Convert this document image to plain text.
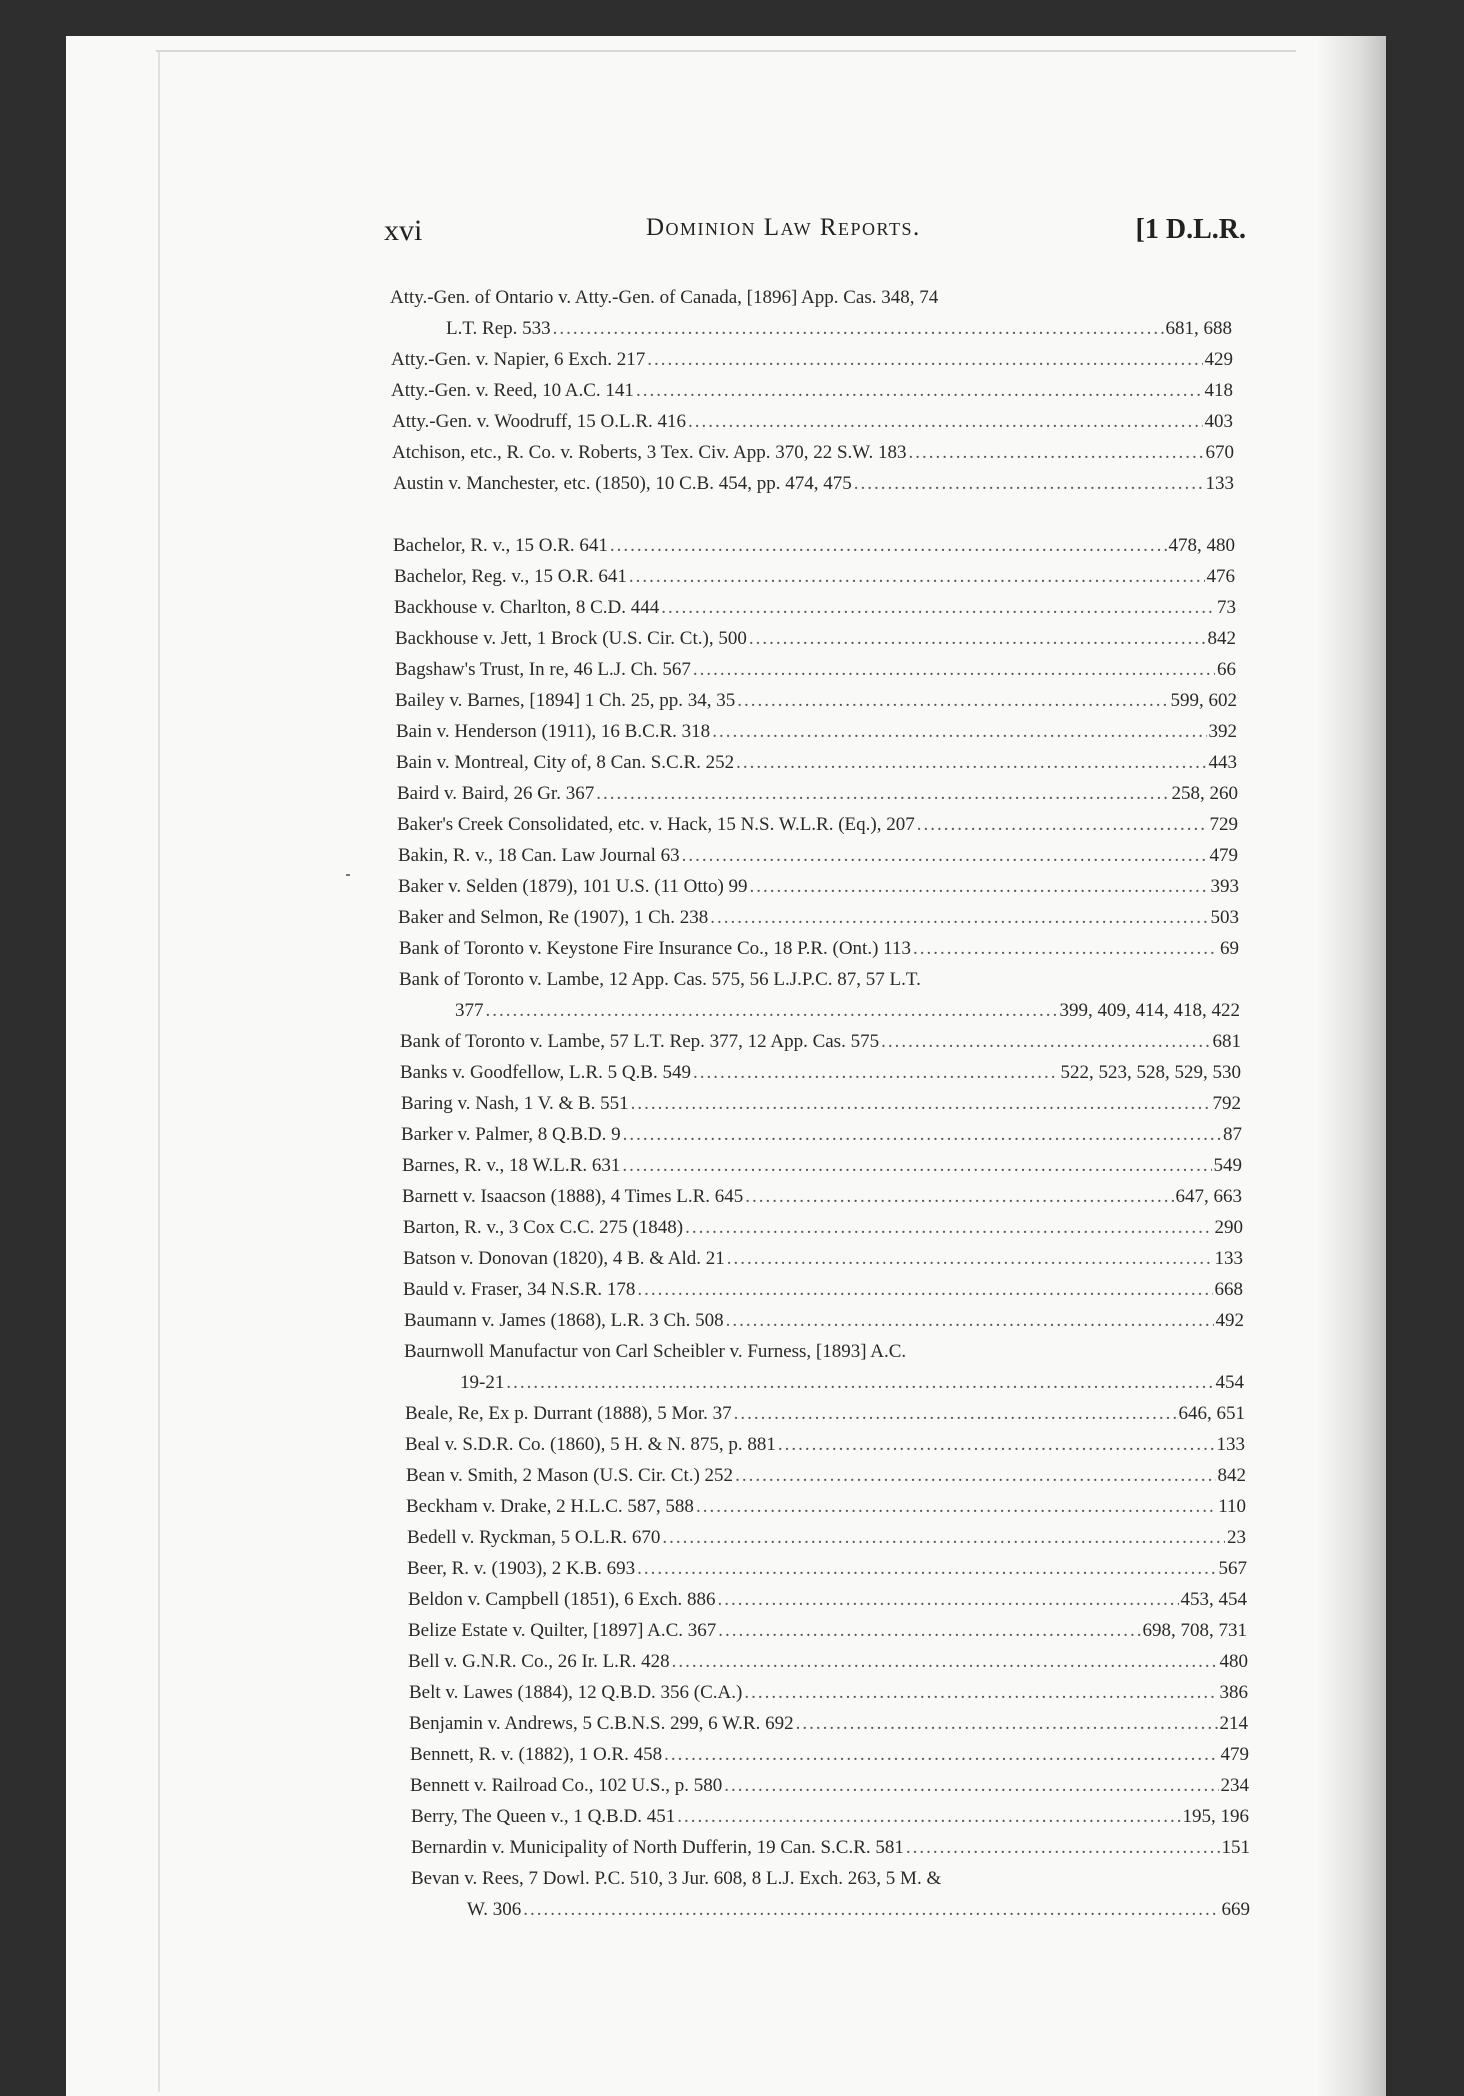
xvi	Dominion Law Reports.	[1 D.L.R.
Atty.-Gen. of Ontario v. Atty.-Gen. of Canada, [1896] App. Cas. 348, 74
L.T. Rep. 533 .....	681, 688
Atty.-Gen. v. Napier, 6 Exch. 217 .....	429
Atty.-Gen. v. Reed, 10 A.C. 141 .....	418
Atty.-Gen. v. Woodruff, 15 O.L.R. 416 .....	403
Atchison, etc., R. Co. v. Roberts, 3 Tex. Civ. App. 370, 22 S.W. 183 .....	670
Austin v. Manchester, etc. (1850), 10 C.B. 454, pp. 474, 475 .....	133
Bachelor, R. v., 15 O.R. 641 .....	478, 480
Bachelor, Reg. v., 15 O.R. 641 .....	476
Backhouse v. Charlton, 8 C.D. 444 .....	73
Backhouse v. Jett, 1 Brock (U.S. Cir. Ct.), 500 .....	842
Bagshaw's Trust, In re, 46 L.J. Ch. 567 .....	66
Bailey v. Barnes, [1894] 1 Ch. 25, pp. 34, 35 .....	599, 602
Bain v. Henderson (1911), 16 B.C.R. 318 .....	392
Bain v. Montreal, City of, 8 Can. S.C.R. 252 .....	443
Baird v. Baird, 26 Gr. 367 .....	258, 260
Baker's Creek Consolidated, etc. v. Hack, 15 N.S. W.L.R. (Eq.), 207 .....	729
Bakin, R. v., 18 Can. Law Journal 63 .....	479
Baker v. Selden (1879), 101 U.S. (11 Otto) 99 .....	393
Baker and Selmon, Re (1907), 1 Ch. 238 .....	503
Bank of Toronto v. Keystone Fire Insurance Co., 18 P.R. (Ont.) 113 .....	69
Bank of Toronto v. Lambe, 12 App. Cas. 575, 56 L.J.P.C. 87, 57 L.T.
377 .....	399, 409, 414, 418, 422
Bank of Toronto v. Lambe, 57 L.T. Rep. 377, 12 App. Cas. 575 .....	681
Banks v. Goodfellow, L.R. 5 Q.B. 549 .....	522, 523, 528, 529, 530
Baring v. Nash, 1 V. & B. 551 .....	792
Barker v. Palmer, 8 Q.B.D. 9 .....	87
Barnes, R. v., 18 W.L.R. 631 .....	549
Barnett v. Isaacson (1888), 4 Times L.R. 645 .....	647, 663
Barton, R. v., 3 Cox C.C. 275 (1848) .....	290
Batson v. Donovan (1820), 4 B. & Ald. 21 .....	133
Bauld v. Fraser, 34 N.S.R. 178 .....	668
Baumann v. James (1868), L.R. 3 Ch. 508 .....	492
Baurnwoll Manufactur von Carl Scheibler v. Furness, [1893] A.C.
19-21 .....	454
Beale, Re, Ex p. Durrant (1888), 5 Mor. 37 .....	646, 651
Beal v. S.D.R. Co. (1860), 5 H. & N. 875, p. 881 .....	133
Bean v. Smith, 2 Mason (U.S. Cir. Ct.) 252 .....	842
Beckham v. Drake, 2 H.L.C. 587, 588 .....	110
Bedell v. Ryckman, 5 O.L.R. 670 .....	23
Beer, R. v. (1903), 2 K.B. 693 .....	567
Beldon v. Campbell (1851), 6 Exch. 886 .....	453, 454
Belize Estate v. Quilter, [1897] A.C. 367 .....	698, 708, 731
Bell v. G.N.R. Co., 26 Ir. L.R. 428 .....	480
Belt v. Lawes (1884), 12 Q.B.D. 356 (C.A.) .....	386
Benjamin v. Andrews, 5 C.B.N.S. 299, 6 W.R. 692 .....	214
Bennett, R. v. (1882), 1 O.R. 458 .....	479
Bennett v. Railroad Co., 102 U.S., p. 580 .....	234
Berry, The Queen v., 1 Q.B.D. 451 .....	195, 196
Bernardin v. Municipality of North Dufferin, 19 Can. S.C.R. 581 .....	151
Bevan v. Rees, 7 Dowl. P.C. 510, 3 Jur. 608, 8 L.J. Exch. 263, 5 M. &
W. 306 .....	669
